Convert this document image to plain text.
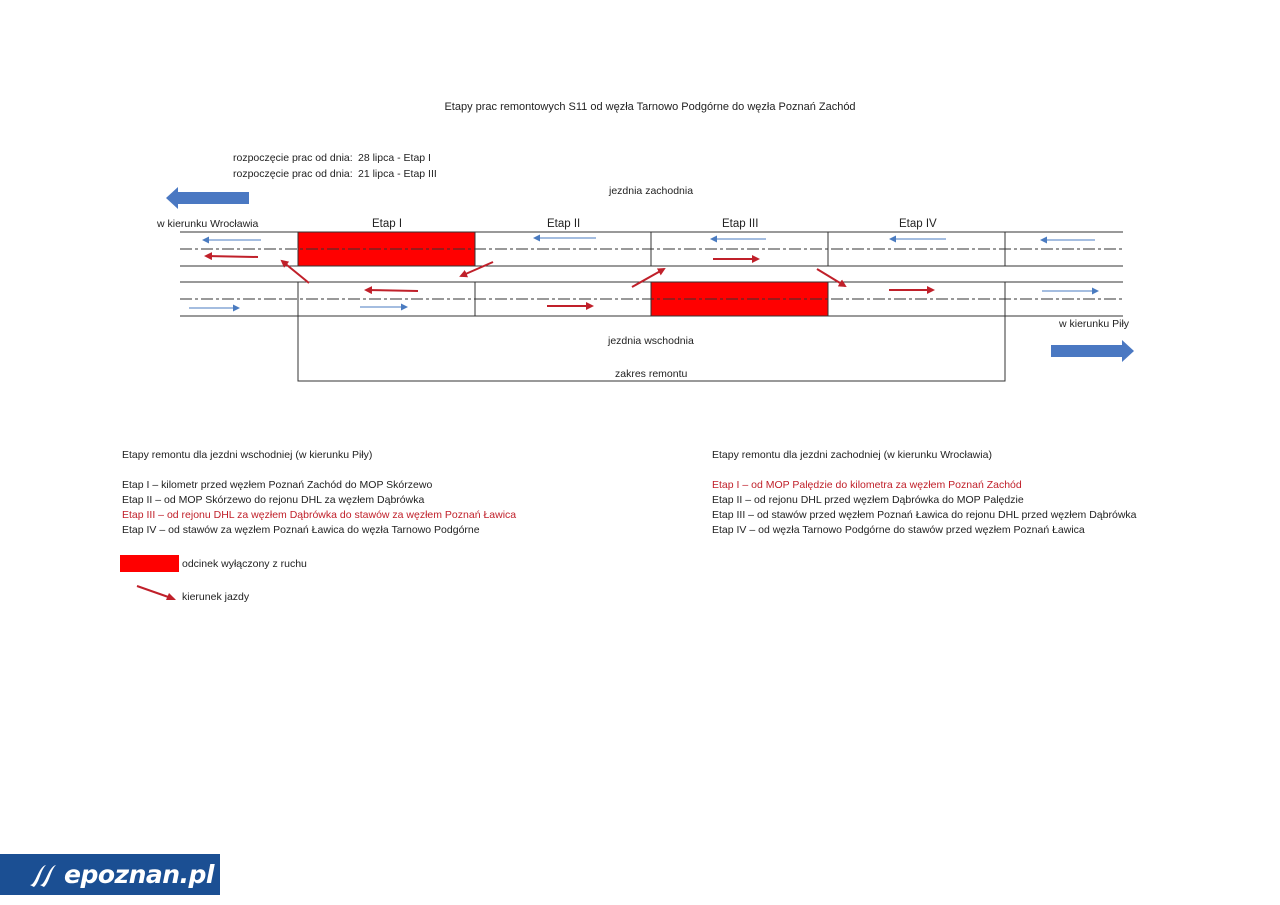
Etapy prac remontowych S11 od węzła Tarnowo Podgórne do węzła Poznań Zachód
rozpoczęcie prac od dnia: 28 lipca - Etap I
rozpoczęcie prac od dnia: 21 lipca - Etap III
jezdnia zachodnia
w kierunku Wrocławia	Etap I	Etap II	Etap III	Etap IV
w kierunku Piły
jezdnia wschodnia
zakres remontu
Etapy remontu dla jezdni wschodniej (w kierunku Piły)
Etap I – kilometr przed węzłem Poznań Zachód do MOP Skórzewo
Etap II – od MOP Skórzewo do rejonu DHL za węzłem Dąbrówka
Etap III – od rejonu DHL za węzłem Dąbrówka do stawów za węzłem Poznań Ławica
Etap IV – od stawów za węzłem Poznań Ławica do węzła Tarnowo Podgórne
Etapy remontu dla jezdni zachodniej (w kierunku Wrocławia)
Etap I – od MOP Palędzie do kilometra za węzłem Poznań Zachód
Etap II – od rejonu DHL przed węzłem Dąbrówka do MOP Palędzie
Etap III – od stawów przed węzłem Poznań Ławica do rejonu DHL przed węzłem Dąbrówka
Etap IV – od węzła Tarnowo Podgórne do stawów przed węzłem Poznań Ławica
odcinek wyłączony z ruchu
kierunek jazdy
epoznan.pl
